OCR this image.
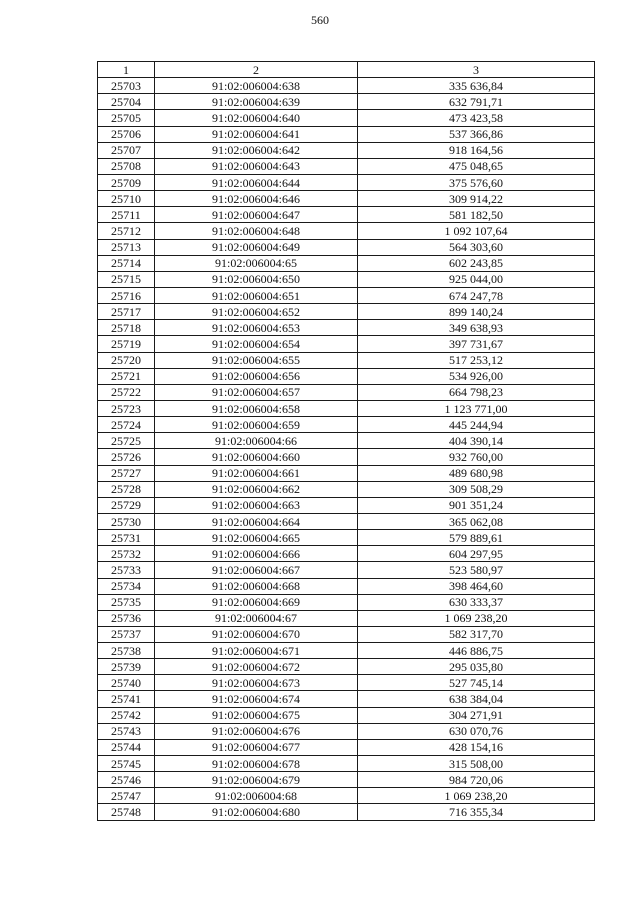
560
1	2	3
25703	91:02:006004:638	335 636,84
25704	91:02:006004:639	632 791,71
25705	91:02:006004:640	473 423,58
25706	91:02:006004:641	537 366,86
25707	91:02:006004:642	918 164,56
25708	91:02:006004:643	475 048,65
25709	91:02:006004:644	375 576,60
25710	91:02:006004:646	309 914,22
25711	91:02:006004:647	581 182,50
25712	91:02:006004:648	1 092 107,64
25713	91:02:006004:649	564 303,60
25714	91:02:006004:65	602 243,85
25715	91:02:006004:650	925 044,00
25716	91:02:006004:651	674 247,78
25717	91:02:006004:652	899 140,24
25718	91:02:006004:653	349 638,93
25719	91:02:006004:654	397 731,67
25720	91:02:006004:655	517 253,12
25721	91:02:006004:656	534 926,00
25722	91:02:006004:657	664 798,23
25723	91:02:006004:658	1 123 771,00
25724	91:02:006004:659	445 244,94
25725	91:02:006004:66	404 390,14
25726	91:02:006004:660	932 760,00
25727	91:02:006004:661	489 680,98
25728	91:02:006004:662	309 508,29
25729	91:02:006004:663	901 351,24
25730	91:02:006004:664	365 062,08
25731	91:02:006004:665	579 889,61
25732	91:02:006004:666	604 297,95
25733	91:02:006004:667	523 580,97
25734	91:02:006004:668	398 464,60
25735	91:02:006004:669	630 333,37
25736	91:02:006004:67	1 069 238,20
25737	91:02:006004:670	582 317,70
25738	91:02:006004:671	446 886,75
25739	91:02:006004:672	295 035,80
25740	91:02:006004:673	527 745,14
25741	91:02:006004:674	638 384,04
25742	91:02:006004:675	304 271,91
25743	91:02:006004:676	630 070,76
25744	91:02:006004:677	428 154,16
25745	91:02:006004:678	315 508,00
25746	91:02:006004:679	984 720,06
25747	91:02:006004:68	1 069 238,20
25748	91:02:006004:680	716 355,34
